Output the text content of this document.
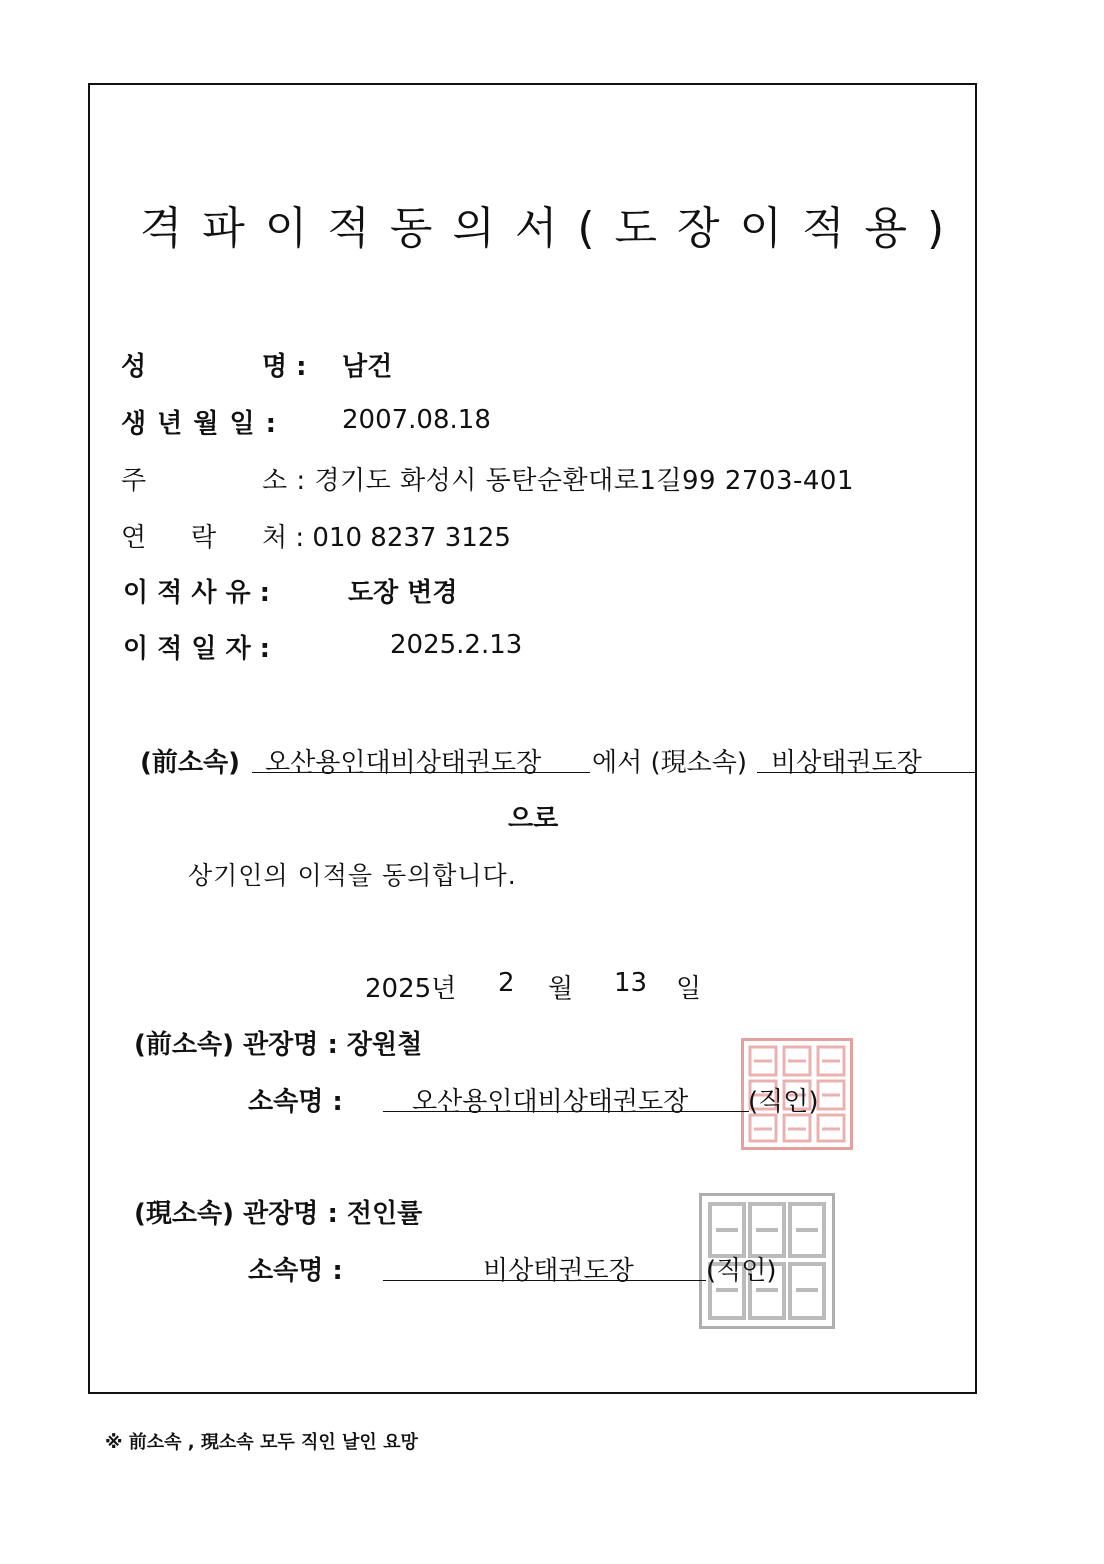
격파이적동의서(도장이적용)
성	명 : 남건
생 년 월 일 : 2007.08.18
주	소 : 경기도 화성시 동탄순환대로1길99 2703-401
연 락 처 : 010 8237 3125
이 적 사 유 :	도장 변경
이 적 일 자 :	2025.2.13
(前소속) 오산용인대비상태권도장 에서 (現소속) 비상태권도장
으로
상기인의 이적을 동의합니다.
2025년 2 월 13 일
(前소속) 관장명 : 장원철
소속명 :	오산용인대비상태권도장 (직인)
(現소속) 관장명 : 전인률
소속명 :	비상태권도장	(직인)
※ 前소속 , 現소속 모두 직인 날인 요망
